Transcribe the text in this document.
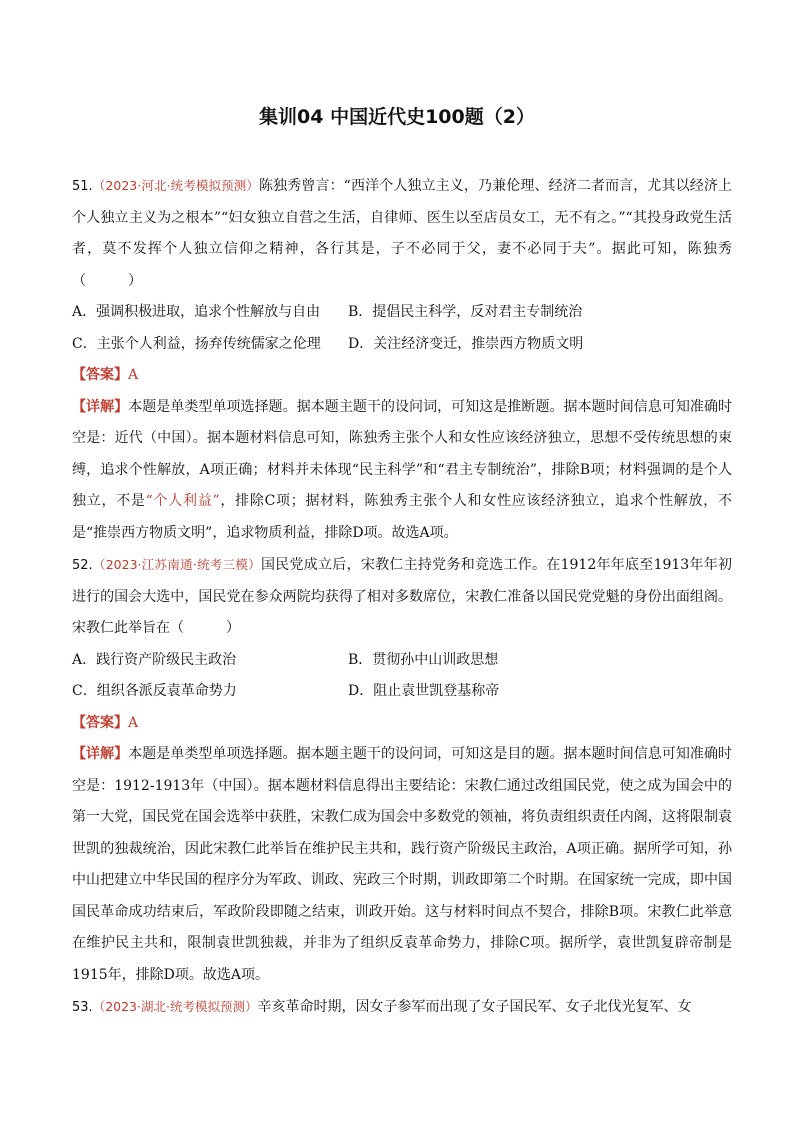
集训04 中国近代史100题（2）

51.（2023·河北·统考模拟预测）陈独秀曾言：“西洋个人独立主义，乃兼伦理、经济二者而言，尤其以经济上个人独立主义为之根本”“妇女独立自营之生活，自律师、医生以至店员女工，无不有之。”“其投身政党生活者，莫不发挥个人独立信仰之精神，各行其是，子不必同于父，妻不必同于夫”。据此可知，陈独秀（　　　）

A．强调积极进取，追求个性解放与自由	B．提倡民主科学，反对君主专制统治
C．主张个人利益，扬弃传统儒家之伦理	D．关注经济变迁，推崇西方物质文明

【答案】A

【详解】本题是单类型单项选择题。据本题主题干的设问词，可知这是推断题。据本题时间信息可知准确时空是：近代（中国）。据本题材料信息可知，陈独秀主张个人和女性应该经济独立，思想不受传统思想的束缚，追求个性解放，A项正确；材料并未体现“民主科学”和“君主专制统治”，排除B项；材料强调的是个人独立，不是“个人利益”，排除C项；据材料，陈独秀主张个人和女性应该经济独立，追求个性解放，不是“推崇西方物质文明”，追求物质利益，排除D项。故选A项。

52.（2023·江苏南通·统考三模）国民党成立后，宋教仁主持党务和竞选工作。在1912年年底至1913年年初进行的国会大选中，国民党在参众两院均获得了相对多数席位，宋教仁准备以国民党党魁的身份出面组阁。宋教仁此举旨在（　　　）

A．践行资产阶级民主政治	B．贯彻孙中山训政思想
C．组织各派反袁革命势力	D．阻止袁世凯登基称帝

【答案】A

【详解】本题是单类型单项选择题。据本题主题干的设问词，可知这是目的题。据本题时间信息可知准确时空是：1912-1913年（中国）。据本题材料信息得出主要结论：宋教仁通过改组国民党，使之成为国会中的第一大党，国民党在国会选举中获胜，宋教仁成为国会中多数党的领袖，将负责组织责任内阁，这将限制袁世凯的独裁统治，因此宋教仁此举旨在维护民主共和，践行资产阶级民主政治，A项正确。据所学可知，孙中山把建立中华民国的程序分为军政、训政、宪政三个时期，训政即第二个时期。在国家统一完成，即中国国民革命成功结束后，军政阶段即随之结束，训政开始。这与材料时间点不契合，排除B项。宋教仁此举意在维护民主共和，限制袁世凯独裁，并非为了组织反袁革命势力，排除C项。据所学，袁世凯复辟帝制是1915年，排除D项。故选A项。

53.（2023·湖北·统考模拟预测）辛亥革命时期，因女子参军而出现了女子国民军、女子北伐光复军、女
